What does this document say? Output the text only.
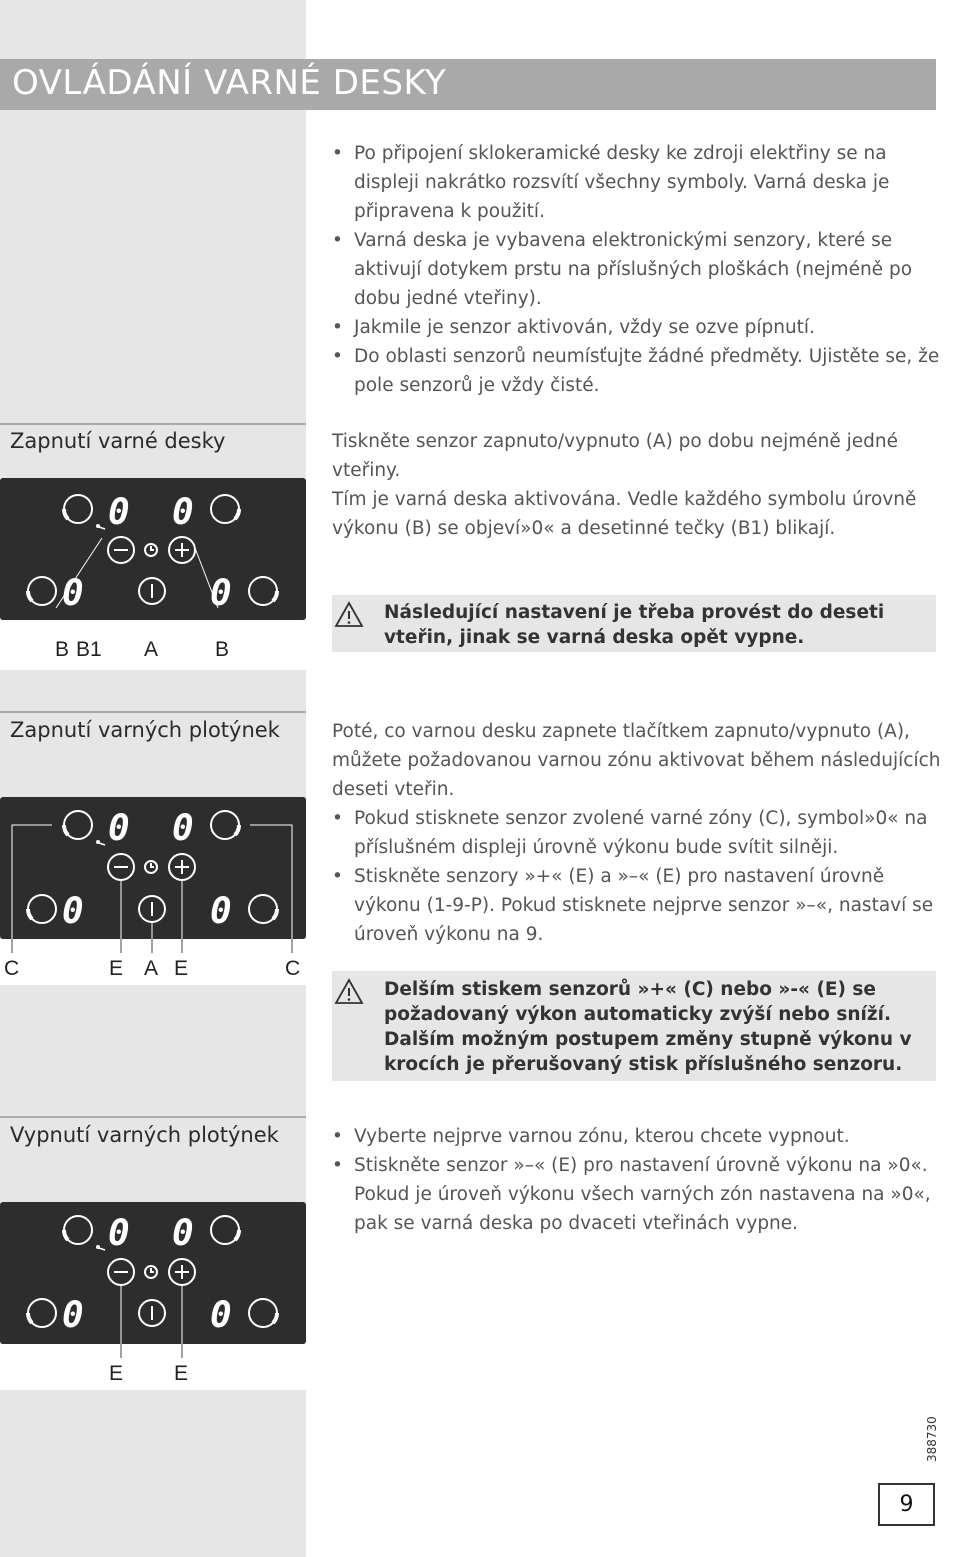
OVLÁDÁNÍ VARNÉ DESKY
• Po připojení sklokeramické desky ke zdroji elektřiny se na displeji nakrátko rozsvítí všechny symboly. Varná deska je připravena k použití.
• Varná deska je vybavena elektronickými senzory, které se aktivují dotykem prstu na příslušných ploškách (nejméně po dobu jedné vteřiny).
• Jakmile je senzor aktivován, vždy se ozve pípnutí.
• Do oblasti senzorů neumísťujte žádné předměty. Ujistěte se, že pole senzorů je vždy čisté.
Zapnutí varné desky
0 0
0	0
B B1 A	B

Tiskněte senzor zapnuto/vypnuto (A) po dobu nejméně jedné vteřiny.

Tím je varná deska aktivována. Vedle každého symbolu úrovně výkonu (B) se objeví»0« a desetinné tečky (B1) blikají.

Následující nastavení je třeba provést do deseti vteřin, jinak se varná deska opět vypne.
Zapnutí varných plotýnek
0 0
0	0
C	E A E	C

Poté, co varnou desku zapnete tlačítkem zapnuto/vypnuto (A), můžete požadovanou varnou zónu aktivovat během následujících deseti vteřin.

• Pokud stisknete senzor zvolené varné zóny (C), symbol»0« na příslušném displeji úrovně výkonu bude svítit silněji.
• Stiskněte senzory »+« (E) a »–« (E) pro nastavení úrovně výkonu (1-9-P). Pokud stisknete nejprve senzor »–«, nastaví se úroveň výkonu na 9.
Delším stiskem senzorů »+« (C) nebo »-« (E) se požadovaný výkon automaticky zvýší nebo sníží. Dalším možným postupem změny stupně výkonu v krocích je přerušovaný stisk příslušného senzoru.
Vypnutí varných plotýnek
0 0
0	0
E E
• Vyberte nejprve varnou zónu, kterou chcete vypnout.
• Stiskněte senzor »–« (E) pro nastavení úrovně výkonu na »0«. Pokud je úroveň výkonu všech varných zón nastavena na »0«, pak se varná deska po dvaceti vteřinách vypne.
388730
9
